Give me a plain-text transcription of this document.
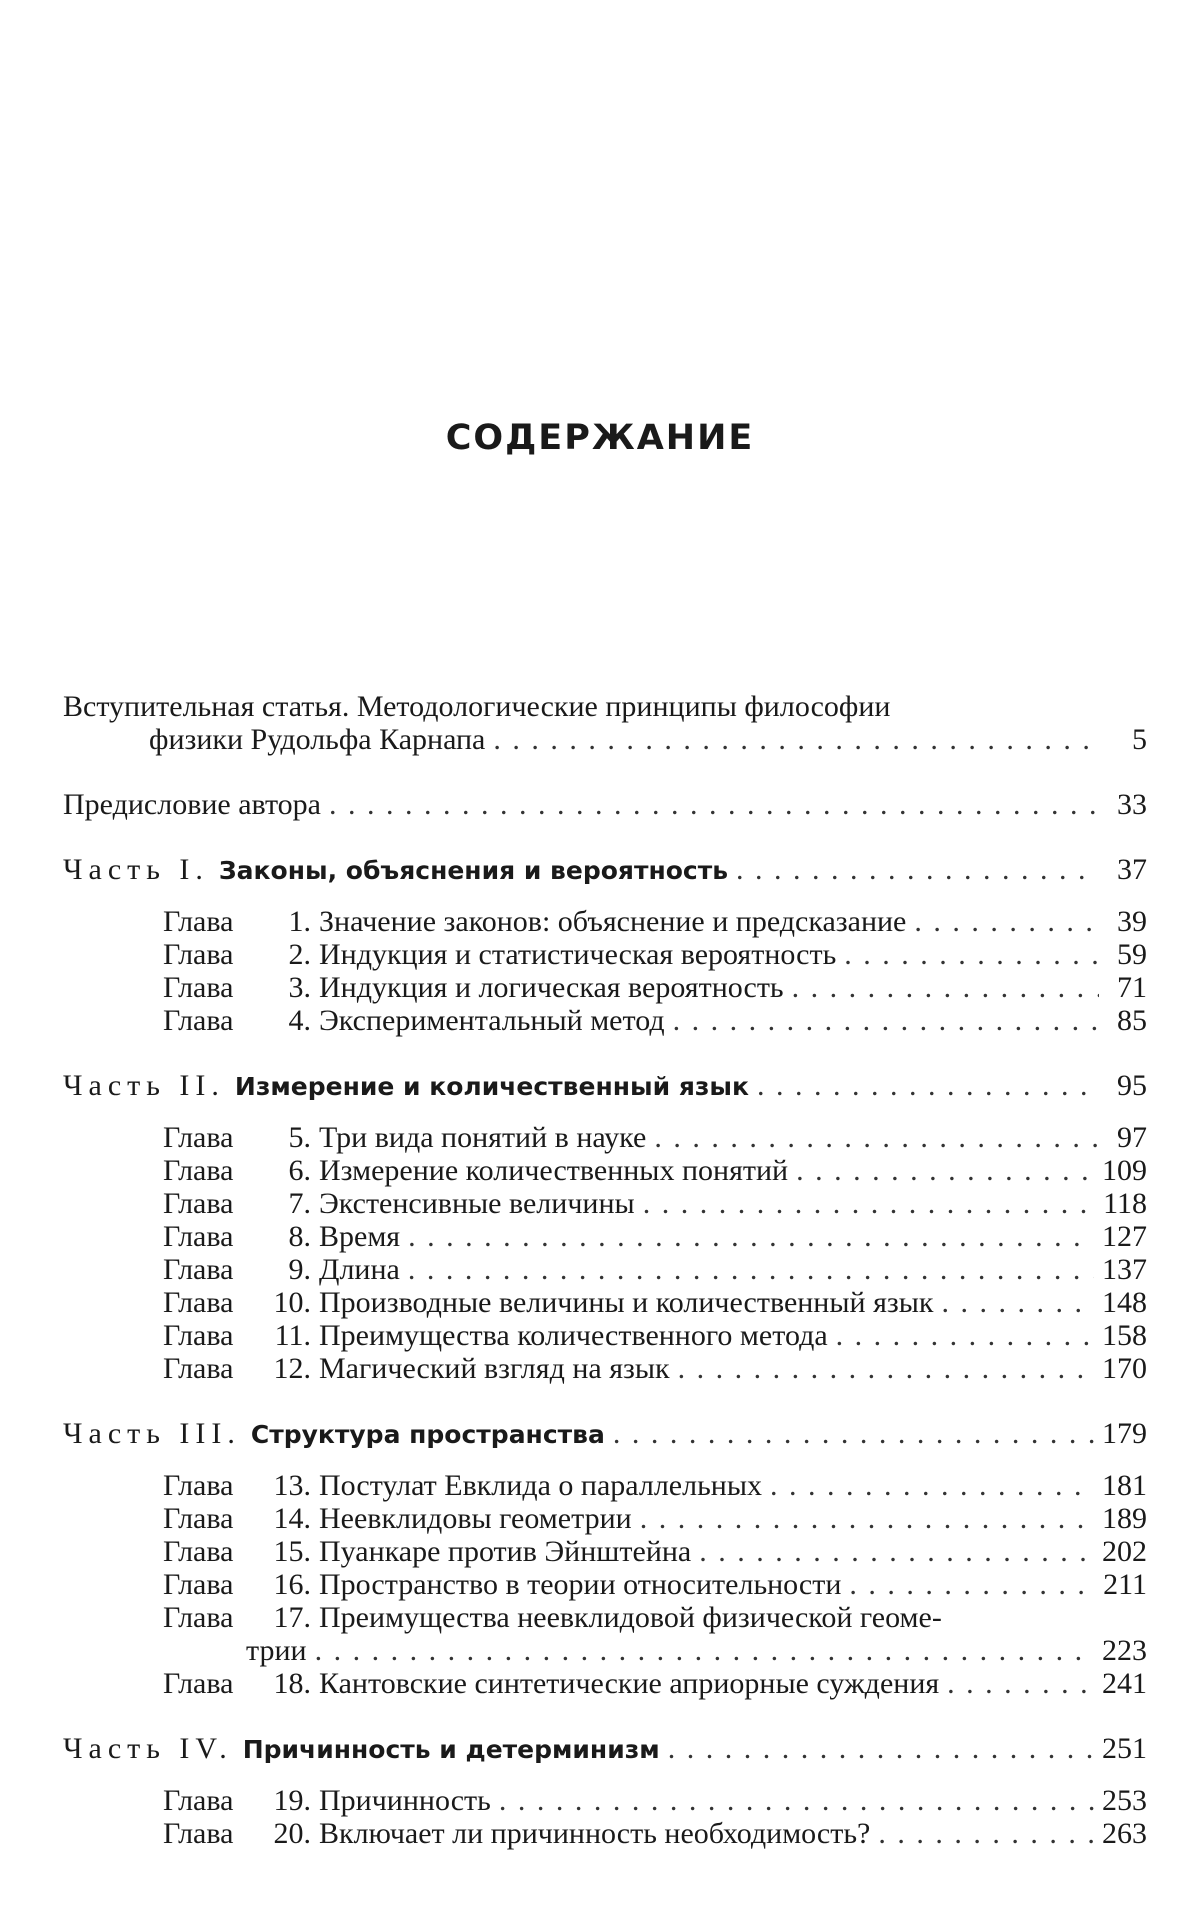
СОДЕРЖАНИЕ
Вступительная статья. Методологические принципы философии
физики Рудольфа Карнапа . . .	5
Предисловие автора . . .	33
Часть I. Законы, объяснения и вероятность . . .	37
Глава	1. Значение законов: объяснение и предсказание . . .	39
Глава	2. Индукция и статистическая вероятность . . .	59
Глава	3. Индукция и логическая вероятность . . .	71
Глава	4. Экспериментальный метод . . .	85
Часть II. Измерение и количественный язык . . .	95
Глава	5. Три вида понятий в науке . . .	97
Глава	6. Измерение количественных понятий . . .	109
Глава	7. Экстенсивные величины . . .	118
Глава	8. Время . . .	127
Глава	9. Длина . . .	137
Глава	10. Производные величины и количественный язык . . .	148
Глава	11. Преимущества количественного метода . . .	158
Глава	12. Магический взгляд на язык . . .	170
Часть III. Структура пространства . . .	179
Глава	13. Постулат Евклида о параллельных . . .	181
Глава	14. Неевклидовы геометрии . . .	189
Глава	15. Пуанкаре против Эйнштейна . . .	202
Глава	16. Пространство в теории относительности . . .	211
Глава	17. Преимущества неевклидовой физической геоме-
трии . . .	223
Глава	18. Кантовские синтетические априорные суждения . . .	241
Часть IV. Причинность и детерминизм . . .	251
Глава	19. Причинность . . .	253
Глава	20. Включает ли причинность необходимость? . . .	263
